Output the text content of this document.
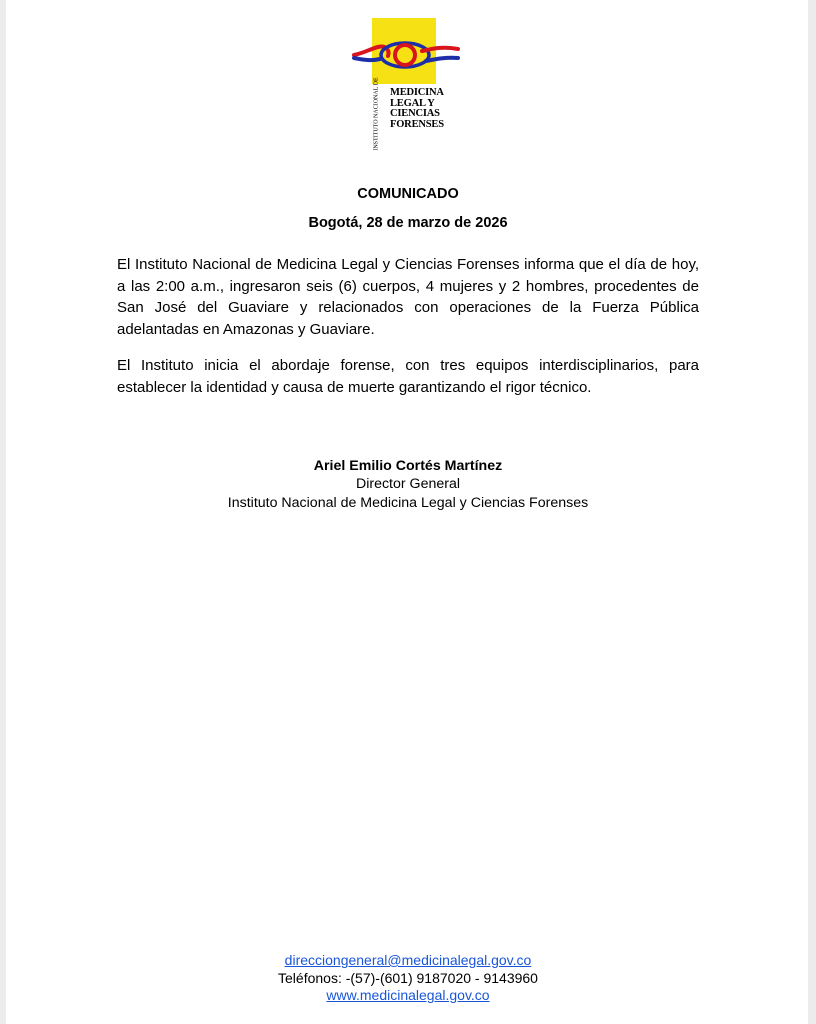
INSTITUTO NACIONAL DE MEDICINA
LEGAL Y
CIENCIAS
FORENSES
COMUNICADO
Bogotá, 28 de marzo de 2026

El Instituto Nacional de Medicina Legal y Ciencias Forenses informa que el día de hoy, a las 2:00 a.m., ingresaron seis (6) cuerpos, 4 mujeres y 2 hombres, procedentes de San José del Guaviare y relacionados con operaciones de la Fuerza Pública adelantadas en Amazonas y Guaviare.

El Instituto inicia el abordaje forense, con tres equipos interdisciplinarios, para establecer la identidad y causa de muerte garantizando el rigor técnico.

Ariel Emilio Cortés Martínez
Director General
Instituto Nacional de Medicina Legal y Ciencias Forenses
direcciongeneral@medicinalegal.gov.co
Teléfonos: -(57)-(601) 9187020 - 9143960
www.medicinalegal.gov.co
